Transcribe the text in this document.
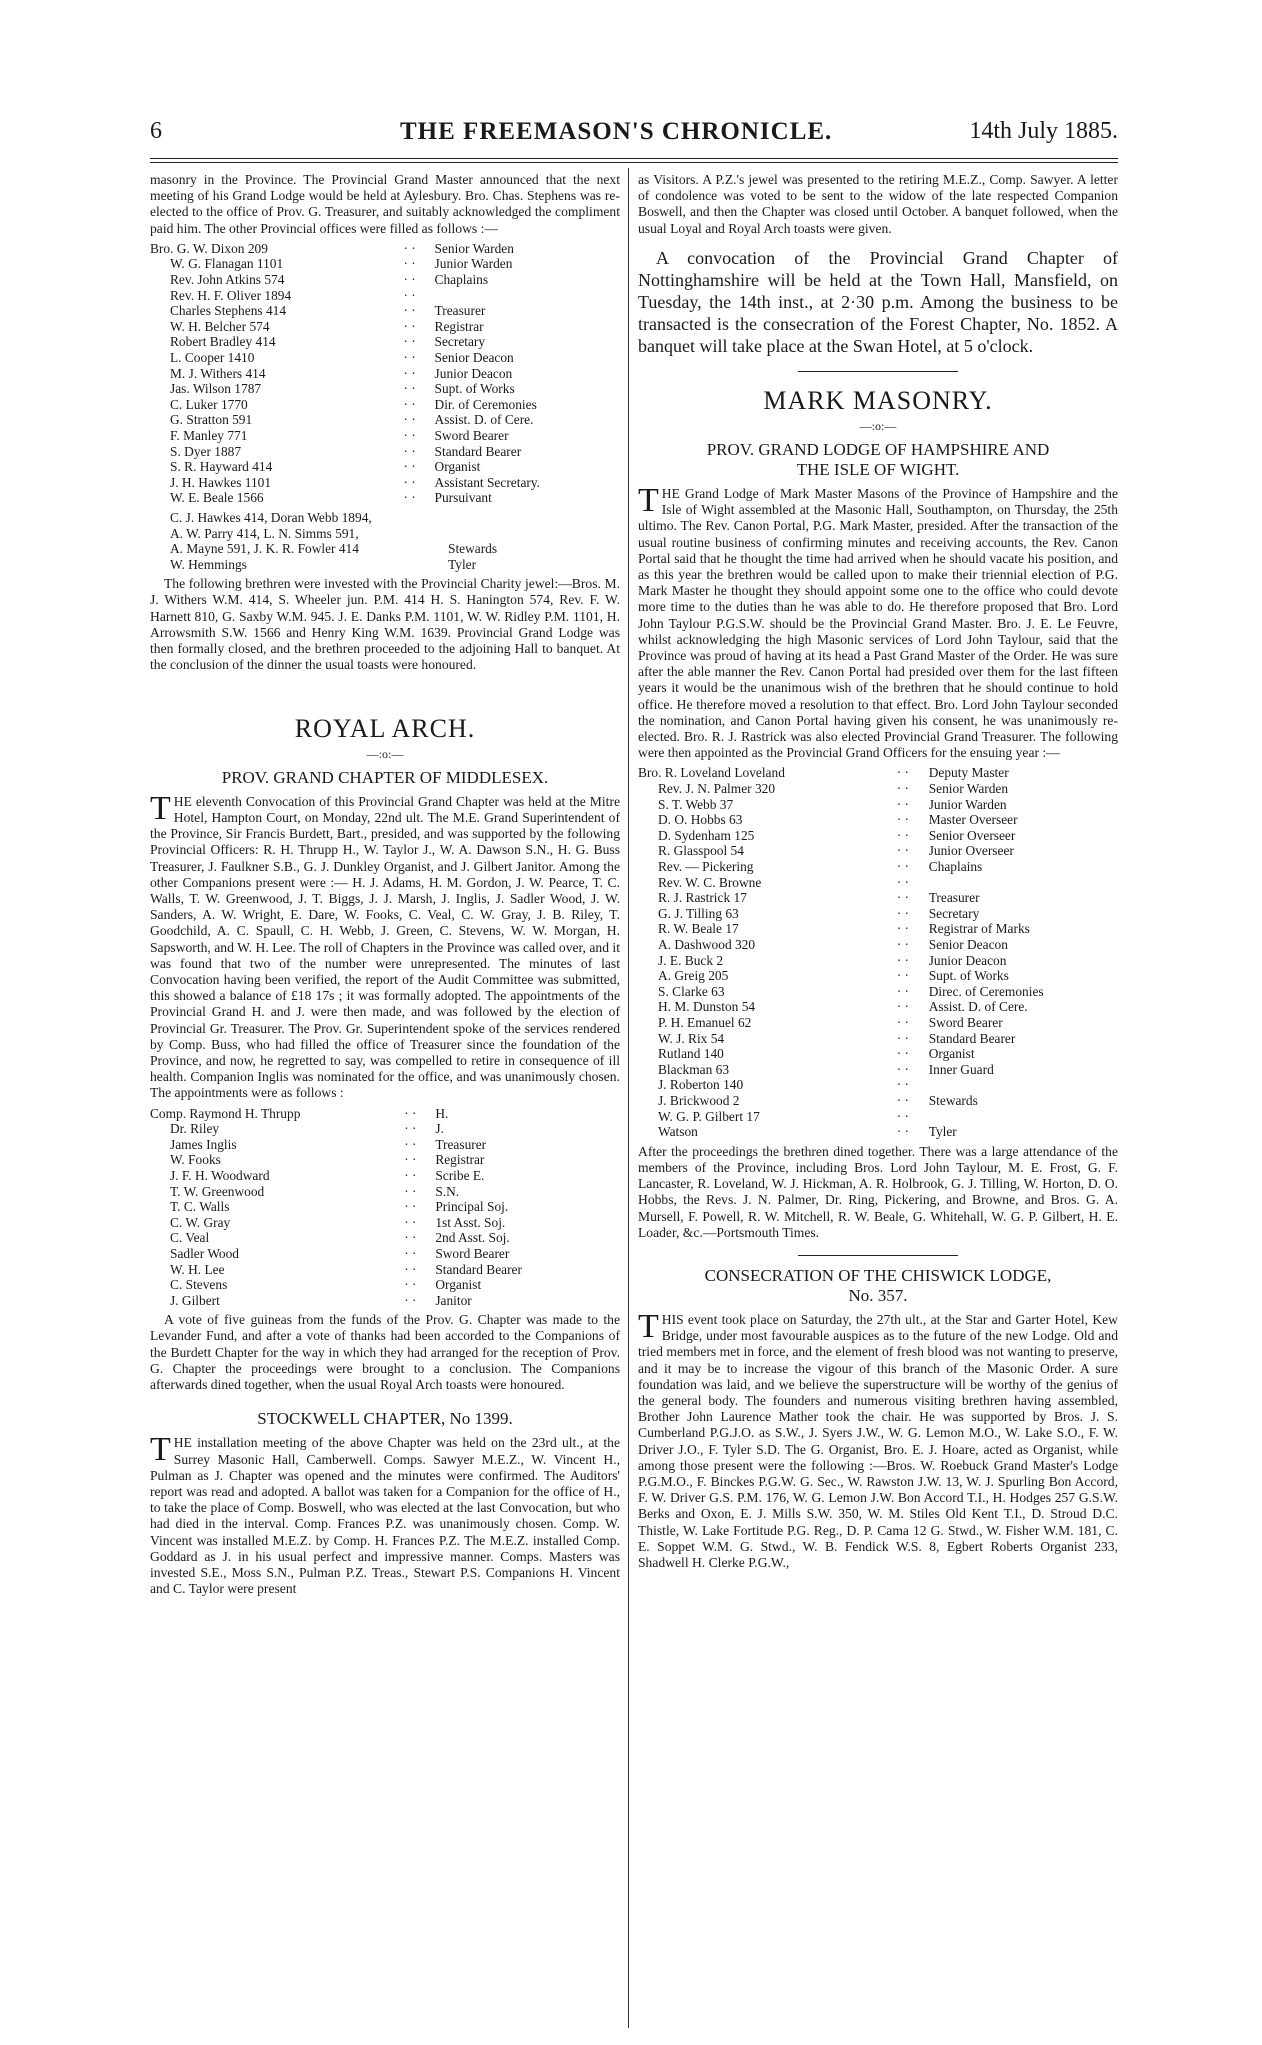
6	THE FREEMASON'S CHRONICLE.	14th July 1885.

masonry in the Province. The Provincial Grand Master announced that the next meeting of his Grand Lodge would be held at Aylesbury. Bro. Chas. Stephens was re-elected to the office of Prov. G. Treasurer, and suitably acknowledged the compliment paid him. The other Provincial offices were filled as follows :—

Bro. G. W. Dixon 209	· ·	Senior Warden
W. G. Flanagan 1101	· ·	Junior Warden
Rev. John Atkins 574	· ·	Chaplains
Rev. H. F. Oliver 1894	· ·	
Charles Stephens 414	· ·	Treasurer
W. H. Belcher 574	· ·	Registrar
Robert Bradley 414	· ·	Secretary
L. Cooper 1410	· ·	Senior Deacon
M. J. Withers 414	· ·	Junior Deacon
Jas. Wilson 1787	· ·	Supt. of Works
C. Luker 1770	· ·	Dir. of Ceremonies
G. Stratton 591	· ·	Assist. D. of Cere.
F. Manley 771	· ·	Sword Bearer
S. Dyer 1887	· ·	Standard Bearer
S. R. Hayward 414	· ·	Organist
J. H. Hawkes 1101	· ·	Assistant Secretary.
W. E. Beale 1566	· ·	Pursuivant
C. J. Hawkes 414, Doran Webb 1894,	
A. W. Parry 414, L. N. Simms 591,	
A. Mayne 591, J. K. R. Fowler 414	Stewards
W. Hemmings	Tyler

The following brethren were invested with the Provincial Charity jewel:—Bros. M. J. Withers W.M. 414, S. Wheeler jun. P.M. 414 H. S. Hanington 574, Rev. F. W. Harnett 810, G. Saxby W.M. 945. J. E. Danks P.M. 1101, W. W. Ridley P.M. 1101, H. Arrowsmith S.W. 1566 and Henry King W.M. 1639. Provincial Grand Lodge was then formally closed, and the brethren proceeded to the adjoining Hall to banquet. At the conclusion of the dinner the usual toasts were honoured.

ROYAL ARCH.
—:o:—
PROV. GRAND CHAPTER OF MIDDLESEX.

THE eleventh Convocation of this Provincial Grand Chapter was held at the Mitre Hotel, Hampton Court, on Monday, 22nd ult. The M.E. Grand Superintendent of the Province, Sir Francis Burdett, Bart., presided, and was supported by the following Provincial Officers: R. H. Thrupp H., W. Taylor J., W. A. Dawson S.N., H. G. Buss Treasurer, J. Faulkner S.B., G. J. Dunkley Organist, and J. Gilbert Janitor. Among the other Companions present were :— H. J. Adams, H. M. Gordon, J. W. Pearce, T. C. Walls, T. W. Greenwood, J. T. Biggs, J. J. Marsh, J. Inglis, J. Sadler Wood, J. W. Sanders, A. W. Wright, E. Dare, W. Fooks, C. Veal, C. W. Gray, J. B. Riley, T. Goodchild, A. C. Spaull, C. H. Webb, J. Green, C. Stevens, W. W. Morgan, H. Sapsworth, and W. H. Lee. The roll of Chapters in the Province was called over, and it was found that two of the number were unrepresented. The minutes of last Convocation having been verified, the report of the Audit Committee was submitted, this showed a balance of £18 17s ; it was formally adopted. The appointments of the Provincial Grand H. and J. were then made, and was followed by the election of Provincial Gr. Treasurer. The Prov. Gr. Superintendent spoke of the services rendered by Comp. Buss, who had filled the office of Treasurer since the foundation of the Province, and now, he regretted to say, was compelled to retire in consequence of ill health. Companion Inglis was nominated for the office, and was unanimously chosen. The appointments were as follows :

Comp. Raymond H. Thrupp	· ·	H.
Dr. Riley	· ·	J.
James Inglis	· ·	Treasurer
W. Fooks	· ·	Registrar
J. F. H. Woodward	· ·	Scribe E.
T. W. Greenwood	· ·	S.N.
T. C. Walls	· ·	Principal Soj.
C. W. Gray	· ·	1st Asst. Soj.
C. Veal	· ·	2nd Asst. Soj.
Sadler Wood	· ·	Sword Bearer
W. H. Lee	· ·	Standard Bearer
C. Stevens	· ·	Organist
J. Gilbert	· ·	Janitor

A vote of five guineas from the funds of the Prov. G. Chapter was made to the Levander Fund, and after a vote of thanks had been accorded to the Companions of the Burdett Chapter for the way in which they had arranged for the reception of Prov. G. Chapter the proceedings were brought to a conclusion. The Companions afterwards dined together, when the usual Royal Arch toasts were honoured.

STOCKWELL CHAPTER, No 1399.

THE installation meeting of the above Chapter was held on the 23rd ult., at the Surrey Masonic Hall, Camberwell. Comps. Sawyer M.E.Z., W. Vincent H., Pulman as J. Chapter was opened and the minutes were confirmed. The Auditors' report was read and adopted. A ballot was taken for a Companion for the office of H., to take the place of Comp. Boswell, who was elected at the last Convocation, but who had died in the interval. Comp. Frances P.Z. was unanimously chosen. Comp. W. Vincent was installed M.E.Z. by Comp. H. Frances P.Z. The M.E.Z. installed Comp. Goddard as J. in his usual perfect and impressive manner. Comps. Masters was invested S.E., Moss S.N., Pulman P.Z. Treas., Stewart P.S. Companions H. Vincent and C. Taylor were present

as Visitors. A P.Z.'s jewel was presented to the retiring M.E.Z., Comp. Sawyer. A letter of condolence was voted to be sent to the widow of the late respected Companion Boswell, and then the Chapter was closed until October. A banquet followed, when the usual Loyal and Royal Arch toasts were given.

A convocation of the Provincial Grand Chapter of Nottinghamshire will be held at the Town Hall, Mansfield, on Tuesday, the 14th inst., at 2·30 p.m. Among the business to be transacted is the consecration of the Forest Chapter, No. 1852. A banquet will take place at the Swan Hotel, at 5 o'clock.

MARK MASONRY.
—:o:—
PROV. GRAND LODGE OF HAMPSHIRE AND
THE ISLE OF WIGHT.

THE Grand Lodge of Mark Master Masons of the Province of Hampshire and the Isle of Wight assembled at the Masonic Hall, Southampton, on Thursday, the 25th ultimo. The Rev. Canon Portal, P.G. Mark Master, presided. After the transaction of the usual routine business of confirming minutes and receiving accounts, the Rev. Canon Portal said that he thought the time had arrived when he should vacate his position, and as this year the brethren would be called upon to make their triennial election of P.G. Mark Master he thought they should appoint some one to the office who could devote more time to the duties than he was able to do. He therefore proposed that Bro. Lord John Taylour P.G.S.W. should be the Provincial Grand Master. Bro. J. E. Le Feuvre, whilst acknowledging the high Masonic services of Lord John Taylour, said that the Province was proud of having at its head a Past Grand Master of the Order. He was sure after the able manner the Rev. Canon Portal had presided over them for the last fifteen years it would be the unanimous wish of the brethren that he should continue to hold office. He therefore moved a resolution to that effect. Bro. Lord John Taylour seconded the nomination, and Canon Portal having given his consent, he was unanimously re-elected. Bro. R. J. Rastrick was also elected Provincial Grand Treasurer. The following were then appointed as the Provincial Grand Officers for the ensuing year :—

Bro. R. Loveland Loveland	· ·	Deputy Master
Rev. J. N. Palmer 320	· ·	Senior Warden
S. T. Webb 37	· ·	Junior Warden
D. O. Hobbs 63	· ·	Master Overseer
D. Sydenham 125	· ·	Senior Overseer
R. Glasspool 54	· ·	Junior Overseer
Rev. — Pickering	· ·	Chaplains
Rev. W. C. Browne	· ·	
R. J. Rastrick 17	· ·	Treasurer
G. J. Tilling 63	· ·	Secretary
R. W. Beale 17	· ·	Registrar of Marks
A. Dashwood 320	· ·	Senior Deacon
J. E. Buck 2	· ·	Junior Deacon
A. Greig 205	· ·	Supt. of Works
S. Clarke 63	· ·	Direc. of Ceremonies
H. M. Dunston 54	· ·	Assist. D. of Cere.
P. H. Emanuel 62	· ·	Sword Bearer
W. J. Rix 54	· ·	Standard Bearer
Rutland 140	· ·	Organist
Blackman 63	· ·	Inner Guard
J. Roberton 140	· ·	
J. Brickwood 2	· ·	Stewards
W. G. P. Gilbert 17	· ·	
Watson	· ·	Tyler

After the proceedings the brethren dined together. There was a large attendance of the members of the Province, including Bros. Lord John Taylour, M. E. Frost, G. F. Lancaster, R. Loveland, W. J. Hickman, A. R. Holbrook, G. J. Tilling, W. Horton, D. O. Hobbs, the Revs. J. N. Palmer, Dr. Ring, Pickering, and Browne, and Bros. G. A. Mursell, F. Powell, R. W. Mitchell, R. W. Beale, G. Whitehall, W. G. P. Gilbert, H. E. Loader, &c.—Portsmouth Times.

CONSECRATION OF THE CHISWICK LODGE,
No. 357.

THIS event took place on Saturday, the 27th ult., at the Star and Garter Hotel, Kew Bridge, under most favourable auspices as to the future of the new Lodge. Old and tried members met in force, and the element of fresh blood was not wanting to preserve, and it may be to increase the vigour of this branch of the Masonic Order. A sure foundation was laid, and we believe the superstructure will be worthy of the genius of the general body. The founders and numerous visiting brethren having assembled, Brother John Laurence Mather took the chair. He was supported by Bros. J. S. Cumberland P.G.J.O. as S.W., J. Syers J.W., W. G. Lemon M.O., W. Lake S.O., F. W. Driver J.O., F. Tyler S.D. The G. Organist, Bro. E. J. Hoare, acted as Organist, while among those present were the following :—Bros. W. Roebuck Grand Master's Lodge P.G.M.O., F. Binckes P.G.W. G. Sec., W. Rawston J.W. 13, W. J. Spurling Bon Accord, F. W. Driver G.S. P.M. 176, W. G. Lemon J.W. Bon Accord T.I., H. Hodges 257 G.S.W. Berks and Oxon, E. J. Mills S.W. 350, W. M. Stiles Old Kent T.I., D. Stroud D.C. Thistle, W. Lake Fortitude P.G. Reg., D. P. Cama 12 G. Stwd., W. Fisher W.M. 181, C. E. Soppet W.M. G. Stwd., W. B. Fendick W.S. 8, Egbert Roberts Organist 233, Shadwell H. Clerke P.G.W.,
